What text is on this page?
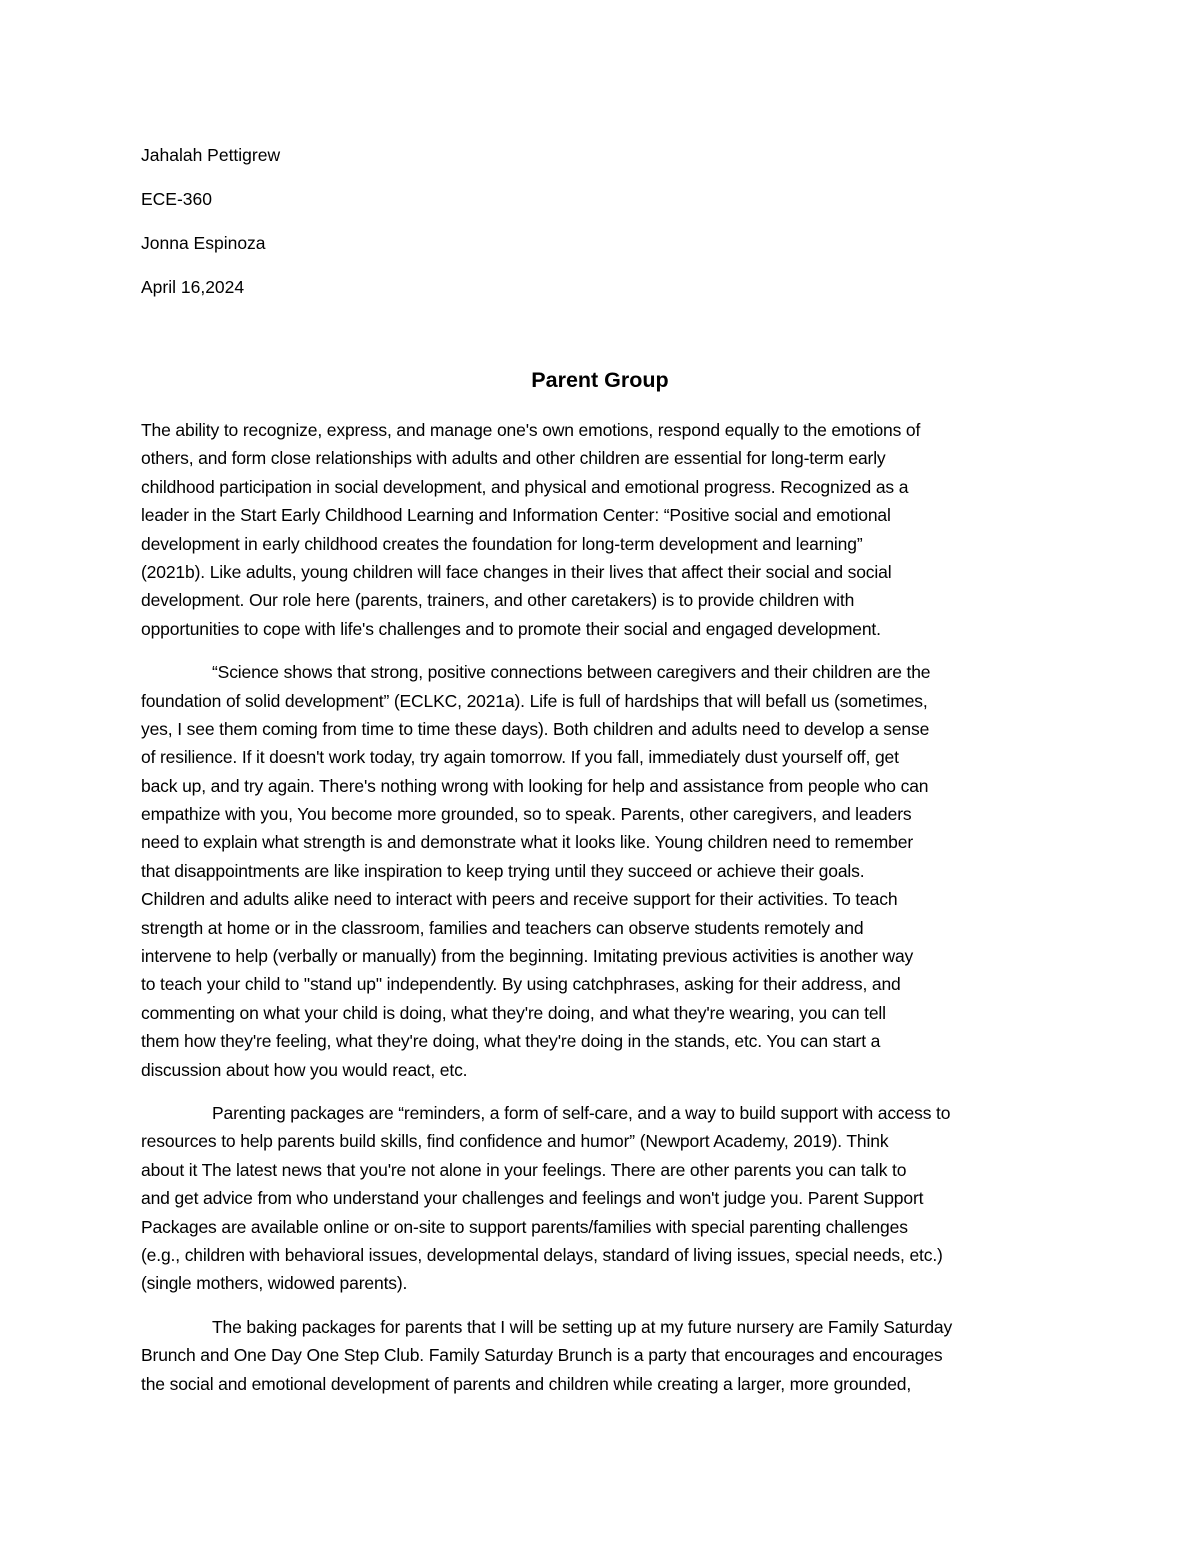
Jahalah Pettigrew
ECE-360
Jonna Espinoza
April 16,2024
Parent Group
The ability to recognize, express, and manage one's own emotions, respond equally to the emotions of
others, and form close relationships with adults and other children are essential for long-term early
childhood participation in social development, and physical and emotional progress. Recognized as a
leader in the Start Early Childhood Learning and Information Center: “Positive social and emotional
development in early childhood creates the foundation for long-term development and learning”
(2021b). Like adults, young children will face changes in their lives that affect their social and social
development. Our role here (parents, trainers, and other caretakers) is to provide children with
opportunities to cope with life's challenges and to promote their social and engaged development.
“Science shows that strong, positive connections between caregivers and their children are the
foundation of solid development” (ECLKC, 2021a). Life is full of hardships that will befall us (sometimes,
yes, I see them coming from time to time these days). Both children and adults need to develop a sense
of resilience. If it doesn't work today, try again tomorrow. If you fall, immediately dust yourself off, get
back up, and try again. There's nothing wrong with looking for help and assistance from people who can
empathize with you, You become more grounded, so to speak. Parents, other caregivers, and leaders
need to explain what strength is and demonstrate what it looks like. Young children need to remember
that disappointments are like inspiration to keep trying until they succeed or achieve their goals.
Children and adults alike need to interact with peers and receive support for their activities. To teach
strength at home or in the classroom, families and teachers can observe students remotely and
intervene to help (verbally or manually) from the beginning. Imitating previous activities is another way
to teach your child to "stand up" independently. By using catchphrases, asking for their address, and
commenting on what your child is doing, what they're doing, and what they're wearing, you can tell
them how they're feeling, what they're doing, what they're doing in the stands, etc. You can start a
discussion about how you would react, etc.
Parenting packages are “reminders, a form of self-care, and a way to build support with access to
resources to help parents build skills, find confidence and humor” (Newport Academy, 2019). Think
about it The latest news that you're not alone in your feelings. There are other parents you can talk to
and get advice from who understand your challenges and feelings and won't judge you. Parent Support
Packages are available online or on-site to support parents/families with special parenting challenges
(e.g., children with behavioral issues, developmental delays, standard of living issues, special needs, etc.)
(single mothers, widowed parents).
The baking packages for parents that I will be setting up at my future nursery are Family Saturday
Brunch and One Day One Step Club. Family Saturday Brunch is a party that encourages and encourages
the social and emotional development of parents and children while creating a larger, more grounded,
